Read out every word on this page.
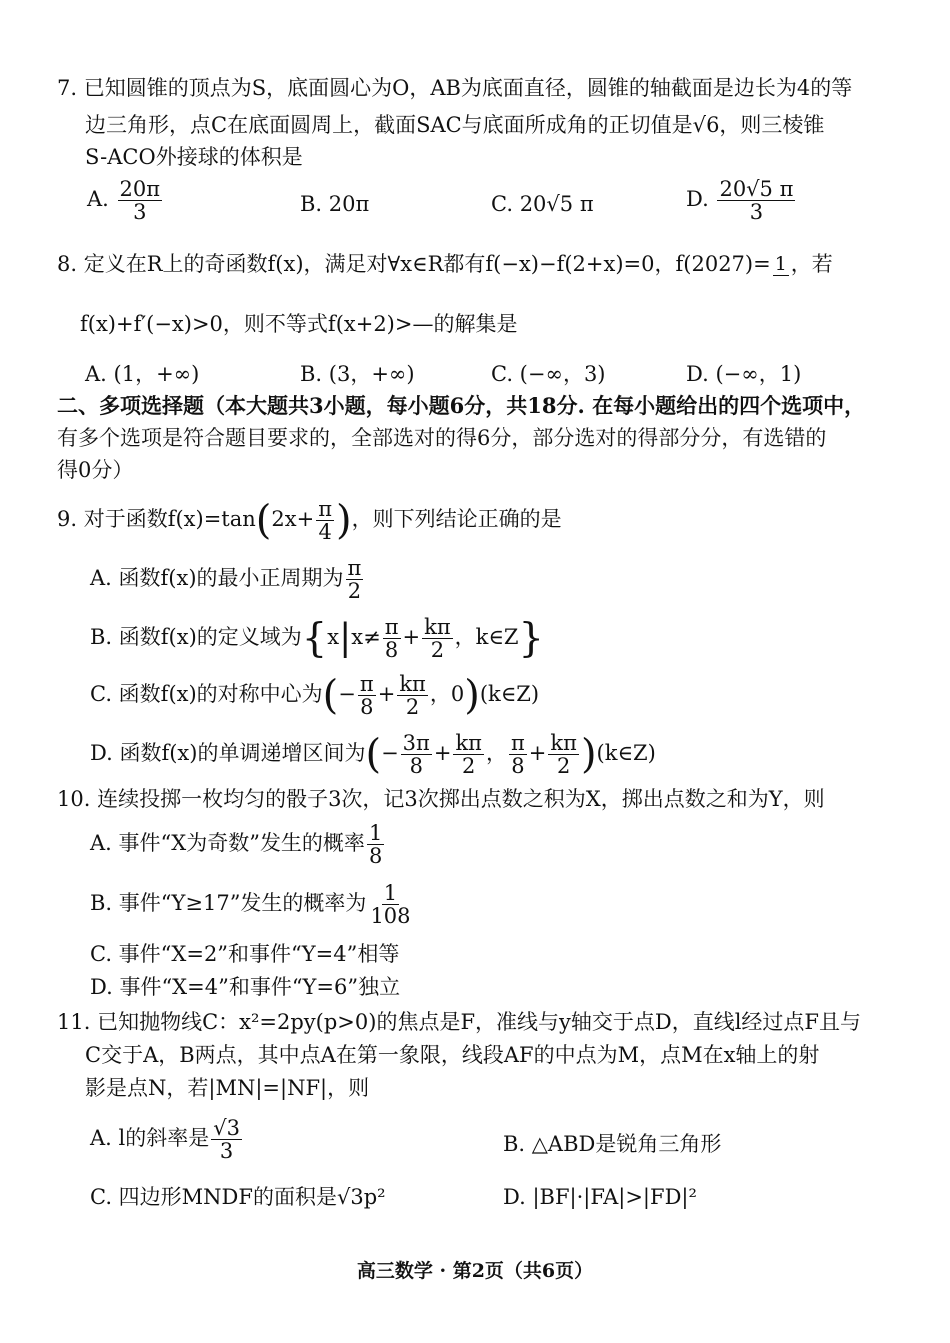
7. 已知圆锥的顶点为S，底面圆心为O，AB为底面直径，圆锥的轴截面是边长为4的等
边三角形，点C在底面圆周上，截面SAC与底面所成角的正切值是√6，则三棱锥
S-ACO外接球的体积是
A. $\frac{20\pi}{3}$	B. 20π	C. 20√5 π	D. $\frac{20√5 \pi}{3}$
8. 定义在R上的奇函数f(x)，满足对∀x∈R都有f(−x)−f(2+x)=0，f(2027)= 1 ，若
f(x)+f′(−x)>0，则不等式f(x+2)>—的解集是
A. (1，+∞)	B. (3，+∞)	C. (−∞，3)	D. (−∞，1)
二、多项选择题（本大题共3小题，每小题6分，共18分. 在每小题给出的四个选项中，
有多个选项是符合题目要求的，全部选对的得6分，部分选对的得部分分，有选错的
得0分）
9. 对于函数$f(x)=\tan(2x+ \frac{\pi}{4}$ )，则下列结论正确的是
A. 函数f(x)的最小正周期为 $\frac{\pi}{2}$
B. 函数f(x)的定义域为{$x|x\ne \frac{\pi}{8} + \frac{k\pi}{2}$ ，k∈Z}
C. 函数f(x)的对称中心为(− $\frac{\pi}{8} + \frac{k\pi}{2}$ ，0)(k∈Z)
D. 函数f(x)的单调递增区间为(− $\frac{3\pi}{8} + \frac{k\pi}{2}$ ， $\frac{\pi}{8} + \frac{k\pi}{2}$ )(k∈Z)
10. 连续投掷一枚均匀的骰子3次，记3次掷出点数之积为X，掷出点数之和为Y，则
A. 事件“X为奇数”发生的概率 $\frac{1}{8}$
B. 事件“Y≥17”发生的概率为 $\frac{1}{108}$
C. 事件“X=2”和事件“Y=4”相等
D. 事件“X=4”和事件“Y=6”独立
11. 已知抛物线C：x²=2py(p>0)的焦点是F，准线与y轴交于点D，直线l经过点F且与
C交于A，B两点，其中点A在第一象限，线段AF的中点为M，点M在x轴上的射
影是点N，若|MN|=|NF|，则
A. l的斜率是 $\frac{√3}{3}$	B. △ABD是锐角三角形
C. 四边形MNDF的面积是√3p²	D. |BF|·|FA|>|FD|²
高三数学 · 第2页（共6页）
